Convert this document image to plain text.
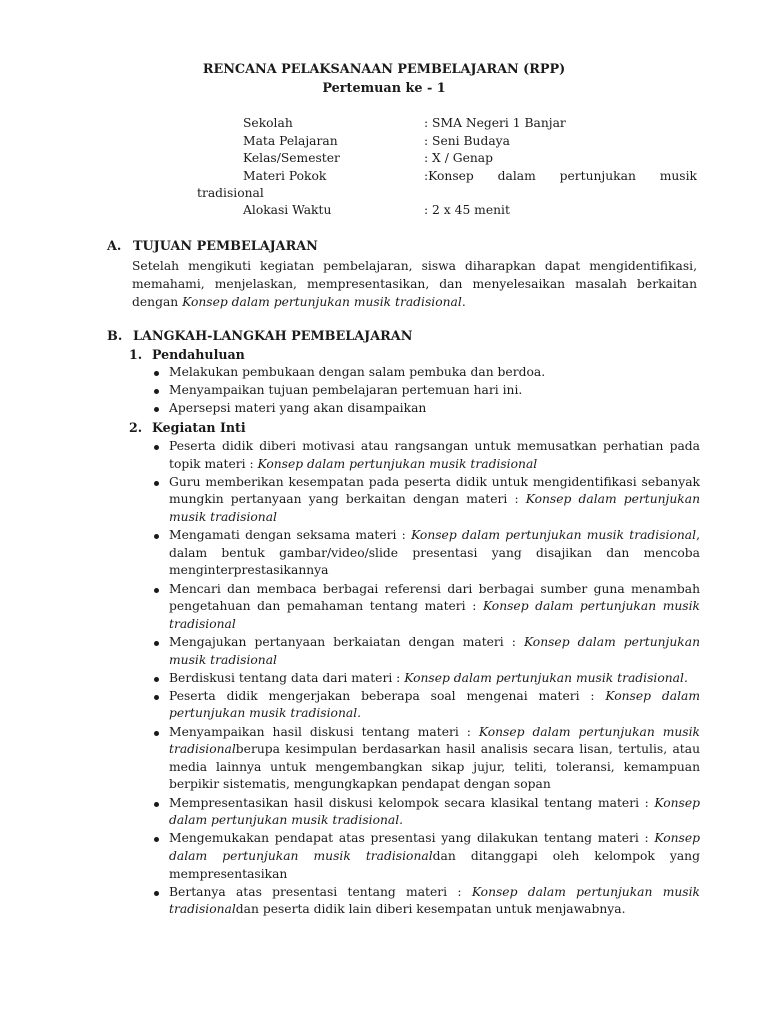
RENCANA PELAKSANAAN PEMBELAJARAN (RPP)
Pertemuan ke - 1
Sekolah	: SMA Negeri 1 Banjar
Mata Pelajaran	: Seni Budaya
Kelas/Semester	: X / Genap
Materi Pokok	:Konsep dalam pertunjukan musik
tradisional
Alokasi Waktu	: 2 x 45 menit
A. TUJUAN PEMBELAJARAN
Setelah mengikuti kegiatan pembelajaran, siswa diharapkan dapat mengidentifikasi, memahami, menjelaskan, mempresentasikan, dan menyelesaikan masalah berkaitan dengan Konsep dalam pertunjukan musik tradisional.
B. LANGKAH-LANGKAH PEMBELAJARAN
1. Pendahuluan
Melakukan pembukaan dengan salam pembuka dan berdoa.
Menyampaikan tujuan pembelajaran pertemuan hari ini.
Apersepsi materi yang akan disampaikan
2. Kegiatan Inti
Peserta didik diberi motivasi atau rangsangan untuk memusatkan perhatian pada topik materi : Konsep dalam pertunjukan musik tradisional
Guru memberikan kesempatan pada peserta didik untuk mengidentifikasi sebanyak mungkin pertanyaan yang berkaitan dengan materi : Konsep dalam pertunjukan musik tradisional
Mengamati dengan seksama materi : Konsep dalam pertunjukan musik tradisional, dalam bentuk gambar/video/slide presentasi yang disajikan dan mencoba menginterprestasikannya
Mencari dan membaca berbagai referensi dari berbagai sumber guna menambah pengetahuan dan pemahaman tentang materi : Konsep dalam pertunjukan musik tradisional
Mengajukan pertanyaan berkaiatan dengan materi : Konsep dalam pertunjukan musik tradisional
Berdiskusi tentang data dari materi : Konsep dalam pertunjukan musik tradisional.
Peserta didik mengerjakan beberapa soal mengenai materi : Konsep dalam pertunjukan musik tradisional.
Menyampaikan hasil diskusi tentang materi : Konsep dalam pertunjukan musik tradisionalberupa kesimpulan berdasarkan hasil analisis secara lisan, tertulis, atau media lainnya untuk mengembangkan sikap jujur, teliti, toleransi, kemampuan berpikir sistematis, mengungkapkan pendapat dengan sopan
Mempresentasikan hasil diskusi kelompok secara klasikal tentang materi : Konsep dalam pertunjukan musik tradisional.
Mengemukakan pendapat atas presentasi yang dilakukan tentang materi : Konsep dalam pertunjukan musik tradisionaldan ditanggapi oleh kelompok yang mempresentasikan
Bertanya atas presentasi tentang materi : Konsep dalam pertunjukan musik tradisionaldan peserta didik lain diberi kesempatan untuk menjawabnya.
